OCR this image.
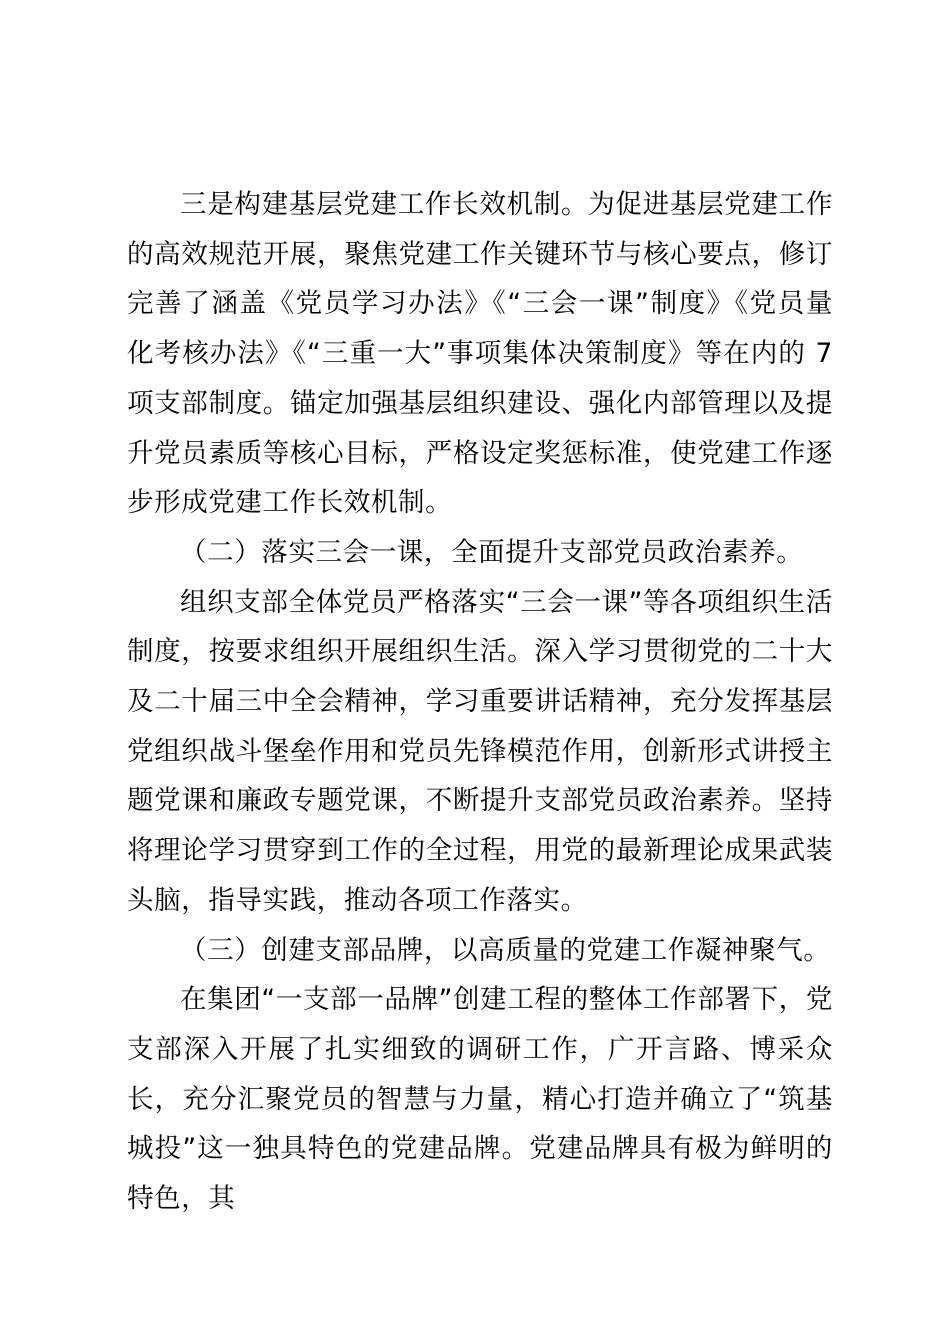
三是构建基层党建工作长效机制。为促进基层党建工作的高效规范开展，聚焦党建工作关键环节与核心要点，修订完善了涵盖《党员学习办法》《“三会一课”制度》《党员量化考核办法》《“三重一大”事项集体决策制度》等在内的 7 项支部制度。锚定加强基层组织建设、强化内部管理以及提升党员素质等核心目标，严格设定奖惩标准，使党建工作逐步形成党建工作长效机制。

（二）落实三会一课，全面提升支部党员政治素养。

组织支部全体党员严格落实“三会一课”等各项组织生活制度，按要求组织开展组织生活。深入学习贯彻党的二十大及二十届三中全会精神，学习重要讲话精神，充分发挥基层党组织战斗堡垒作用和党员先锋模范作用，创新形式讲授主题党课和廉政专题党课，不断提升支部党员政治素养。坚持将理论学习贯穿到工作的全过程，用党的最新理论成果武装头脑，指导实践，推动各项工作落实。

（三）创建支部品牌，以高质量的党建工作凝神聚气。

在集团“一支部一品牌”创建工程的整体工作部署下，党支部深入开展了扎实细致的调研工作，广开言路、博采众长，充分汇聚党员的智慧与力量，精心打造并确立了“筑基城投”这一独具特色的党建品牌。党建品牌具有极为鲜明的特色，其
